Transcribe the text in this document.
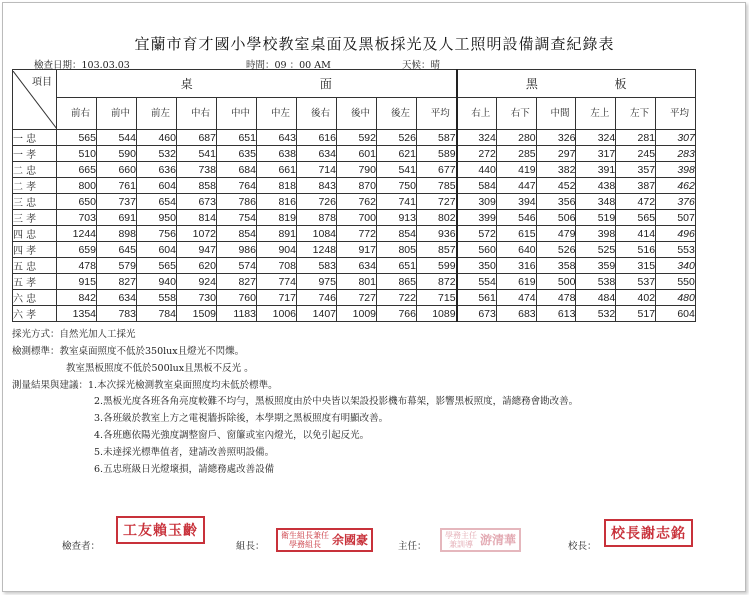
宜蘭市育才國小學校教室桌面及黑板採光及人工照明設備調查紀錄表
檢查日期：103.03.03	時間：09 ：00 AM	天候：晴
項目	桌 面										黑 板					

	前右	前中	前左	中右	中中	中左	後右	後中	後左	平均	右上	右下	中間	左上	左下	平均

一 忠	565	544	460	687	651	643	616	592	526	587	324	280	326	324	281	307
一 孝	510	590	532	541	635	638	634	601	621	589	272	285	297	317	245	283
二 忠	665	660	636	738	684	661	714	790	541	677	440	419	382	391	357	398
二 孝	800	761	604	858	764	818	843	870	750	785	584	447	452	438	387	462
三 忠	650	737	654	673	786	816	726	762	741	727	309	394	356	348	472	376
三 孝	703	691	950	814	754	819	878	700	913	802	399	546	506	519	565	507
四 忠	1244	898	756	1072	854	891	1084	772	854	936	572	615	479	398	414	496
四 孝	659	645	604	947	986	904	1248	917	805	857	560	640	526	525	516	553
五 忠	478	579	565	620	574	708	583	634	651	599	350	316	358	359	315	340
五 孝	915	827	940	924	827	774	975	801	865	872	554	619	500	538	537	550
六 忠	842	634	558	730	760	717	746	727	722	715	561	474	478	484	402	480
六 孝	1354	783	784	1509	1183	1006	1407	1009	766	1089	673	683	613	532	517	604
採光方式：自然光加人工採光
檢測標準：教室桌面照度不低於350lux且燈光不閃爍。
教室黑板照度不低於500lux且黑板不反光 。
測量結果與建議：1.本次採光檢測教室桌面照度均未低於標準。
2.黑板光度各班各角亮度較難不均勻，黑板照度由於中央皆以架設投影機布幕架，影響黑板照度，請總務會勘改善。
3.各班級於教室上方之電視牆拆除後，本學期之黑板照度有明顯改善。
4.各班應依陽光強度調整窗戶、窗簾或室內燈光，以免引起反光。
5.未達採光標準值者，建請改善照明設備。
6.五忠班級日光燈壞損，請總務處改善設備
檢查者：
工友賴玉齡
組長：
衛生組長兼任
學務組長 余國豪	主任：
學務主任
兼訓導 游清華	校長：
校長謝志銘
